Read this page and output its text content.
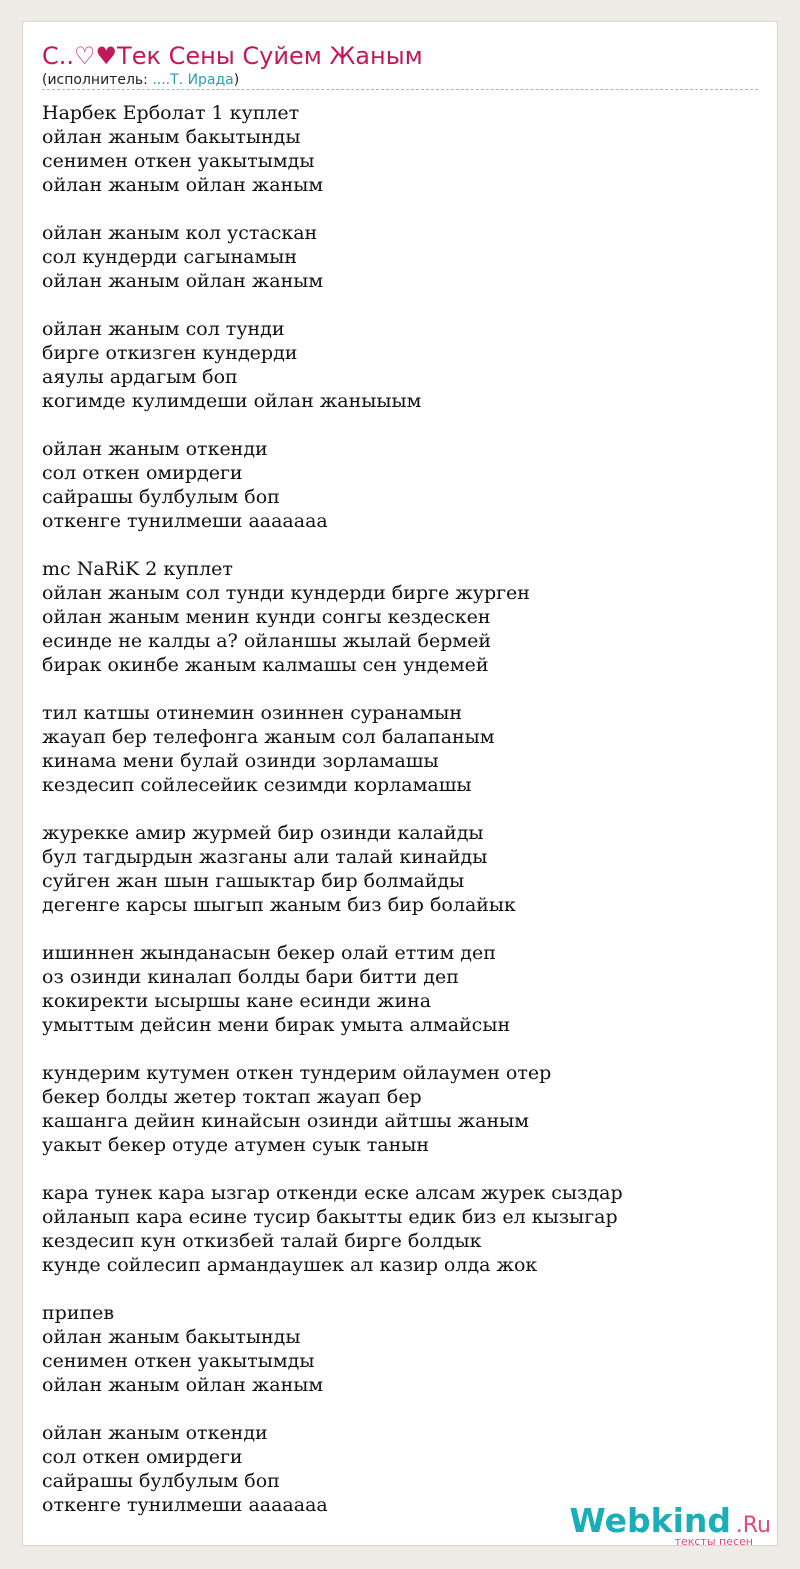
С..♡♥Тек Сены Суйем Жаным
(исполнитель: ....Т. Ирада)
Нарбек Ерболат 1 куплет
ойлан жаным бакытынды
сенимен откен уакытымды
ойлан жаным ойлан жаным
ойлан жаным кол устаскан
сол кундерди сагынамын
ойлан жаным ойлан жаным
ойлан жаным сол тунди
бирге откизген кундерди
аяулы ардагым боп
когимде кулимдеши ойлан жаныыым
ойлан жаным откенди
сол откен омирдеги
сайрашы булбулым боп
откенге тунилмеши ааааааа
mc NaRiK 2 куплет
ойлан жаным сол тунди кундерди бирге журген
ойлан жаным менин кунди сонгы кездескен
есинде не калды а? ойланшы жылай бермей
бирак окинбе жаным калмашы сен ундемей
тил катшы отинемин озиннен суранамын
жауап бер телефонга жаным сол балапаным
кинама мени булай озинди зорламашы
кездесип сойлесейик сезимди корламашы
журекке амир журмей бир озинди калайды
бул тагдырдын жазганы али талай кинайды
суйген жан шын гашыктар бир болмайды
дегенге карсы шыгып жаным биз бир болайык
ишиннен жынданасын бекер олай еттим деп
оз озинди киналап болды бари битти деп
кокиректи ысыршы кане есинди жина
умыттым дейсин мени бирак умыта алмайсын
кундерим кутумен откен тундерим ойлаумен отер
бекер болды жетер токтап жауап бер
кашанга дейин кинайсын озинди айтшы жаным
уакыт бекер отуде атумен суык танын
кара тунек кара ызгар откенди еске алсам журек сыздар
ойланып кара есине тусир бакытты едик биз ел кызыгар
кездесип кун откизбей талай бирге болдык
кунде сойлесип армандаушек ал казир олда жок
припев
ойлан жаным бакытынды
сенимен откен уакытымды
ойлан жаным ойлан жаным
ойлан жаным откенди
сол откен омирдеги
сайрашы булбулым боп
откенге тунилмеши ааааааа	Webkind .Ru
тексты песен
